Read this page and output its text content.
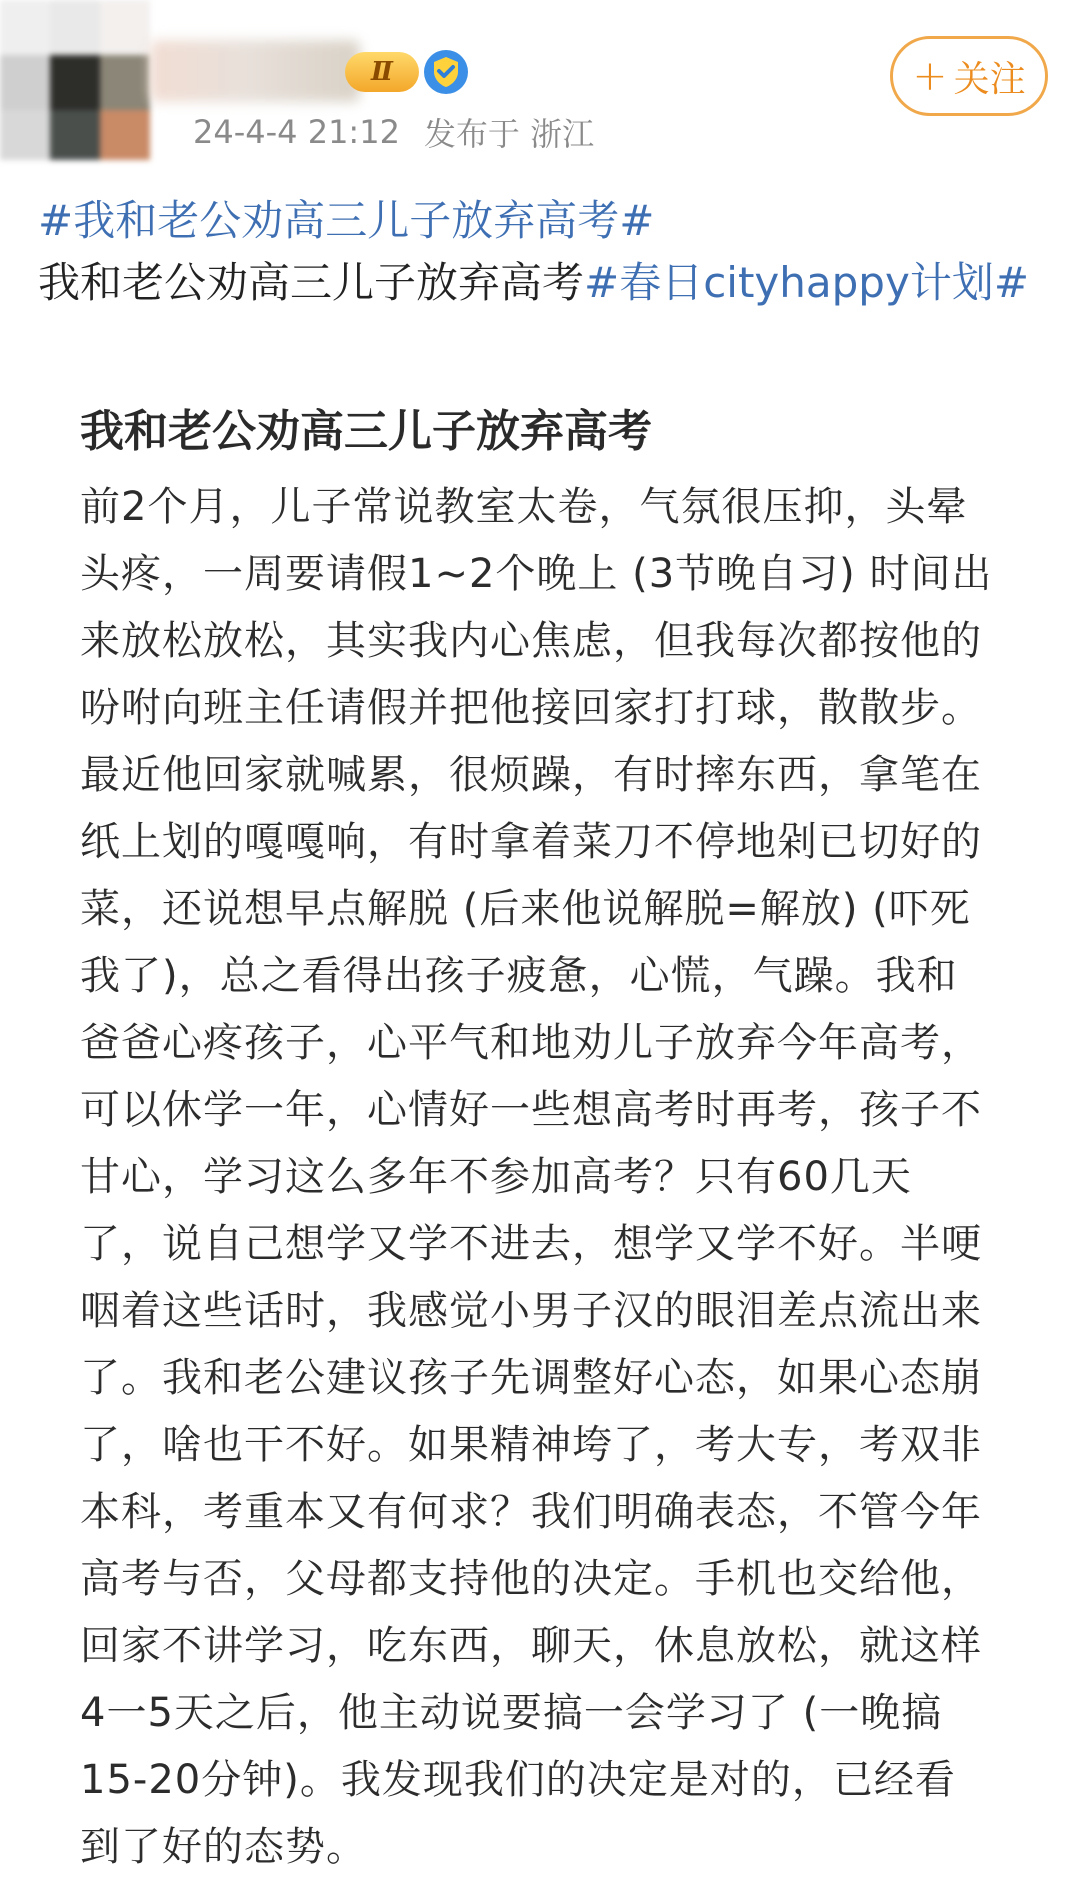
Ⅱ
24-4-4 21:12 发布于 浙江
+ 关注
#我和老公劝高三儿子放弃高考#
我和老公劝高三儿子放弃高考#春日cityhappy计划#
我和老公劝高三儿子放弃高考
前2个月，儿子常说教室太卷，气氛很压抑，头晕
头疼，一周要请假1~2个晚上 (3节晚自习) 时间出
来放松放松，其实我内心焦虑，但我每次都按他的
吩咐向班主任请假并把他接回家打打球，散散步。
最近他回家就喊累，很烦躁，有时摔东西，拿笔在
纸上划的嘎嘎响，有时拿着菜刀不停地剁已切好的
菜，还说想早点解脱 (后来他说解脱=解放) (吓死
我了)，总之看得出孩子疲惫，心慌，气躁。我和
爸爸心疼孩子，心平气和地劝儿子放弃今年高考，
可以休学一年，心情好一些想高考时再考，孩子不
甘心，学习这么多年不参加高考？只有60几天
了，说自己想学又学不进去，想学又学不好。半哽
咽着这些话时，我感觉小男子汉的眼泪差点流出来
了。我和老公建议孩子先调整好心态，如果心态崩
了，啥也干不好。如果精神垮了，考大专，考双非
本科，考重本又有何求？我们明确表态，不管今年
高考与否，父母都支持他的决定。手机也交给他，
回家不讲学习，吃东西，聊天，休息放松，就这样
4一5天之后，他主动说要搞一会学习了 (一晚搞
15-20分钟)。我发现我们的决定是对的，已经看
到了好的态势。
